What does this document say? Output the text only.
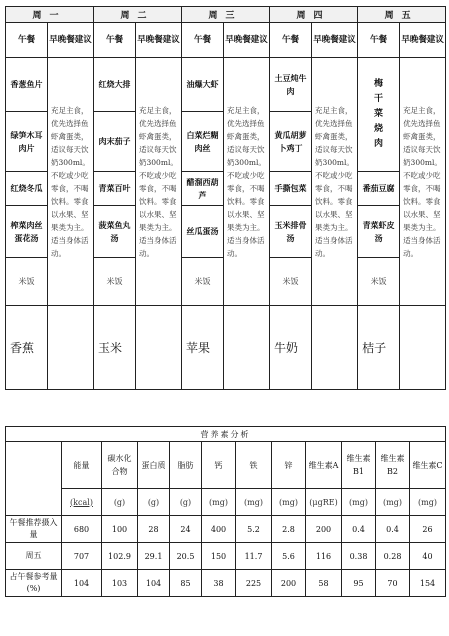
周一		周二		周三		周四		周五	
午餐	早晚餐建议	午餐	早晚餐建议	午餐	早晚餐建议	午餐	早晚餐建议	午餐	早晚餐建议
香葱鱼片	充足主食，优先选择鱼虾禽蛋类，适议每天饮奶300ml。不吃或少吃零食，不喝饮料。零食以水果、坚果类为主。适当身体活动。	红烧大排	充足主食，优先选择鱼虾禽蛋类，适议每天饮奶300ml。不吃或少吃零食，不喝饮料。零食以水果、坚果类为主。适当身体活动。	油爆大虾	充足主食，优先选择鱼虾禽蛋类，适议每天饮奶300ml。不吃或少吃零食，不喝饮料。零食以水果、坚果类为主。适当身体活动。	土豆炖牛肉	充足主食，优先选择鱼虾禽蛋类，适议每天饮奶300ml。不吃或少吃零食，不喝饮料。零食以水果、坚果类为主。适当身体活动。	梅干菜烧肉	充足主食，优先选择鱼虾禽蛋类，适议每天饮奶300ml。不吃或少吃零食，不喝饮料。零食以水果、坚果类为主。适当身体活动。
绿笋木耳肉片		肉末茄子		白菜烂糊肉丝		黄瓜胡萝卜鸡丁			
红烧冬瓜		青菜百叶		醋溜西葫芦		手撕包菜		番茄豆腐	
榨菜肉丝蛋花汤		菠菜鱼丸汤		丝瓜蛋汤		玉米排骨汤		青菜虾皮汤	
米饭		米饭		米饭		米饭		米饭	
香蕉		玉米		苹果		牛奶		桔子	
营养素分析											
	能量	碳水化合物	蛋白质	脂肪	钙	铁	锌	维生素A	维生素B1	维生素B2	维生素C
	(kcal)	(g)	(g)	(g)	(mg)	(mg)	(mg)	(μgRE)	(mg)	(mg)	(mg)
午餐推荐摄入量	680	100	28	24	400	5.2	2.8	200	0.4	0.4	26
周五	707	102.9	29.1	20.5	150	11.7	5.6	116	0.38	0.28	40
占午餐参考量(%)	104	103	104	85	38	225	200	58	95	70	154
